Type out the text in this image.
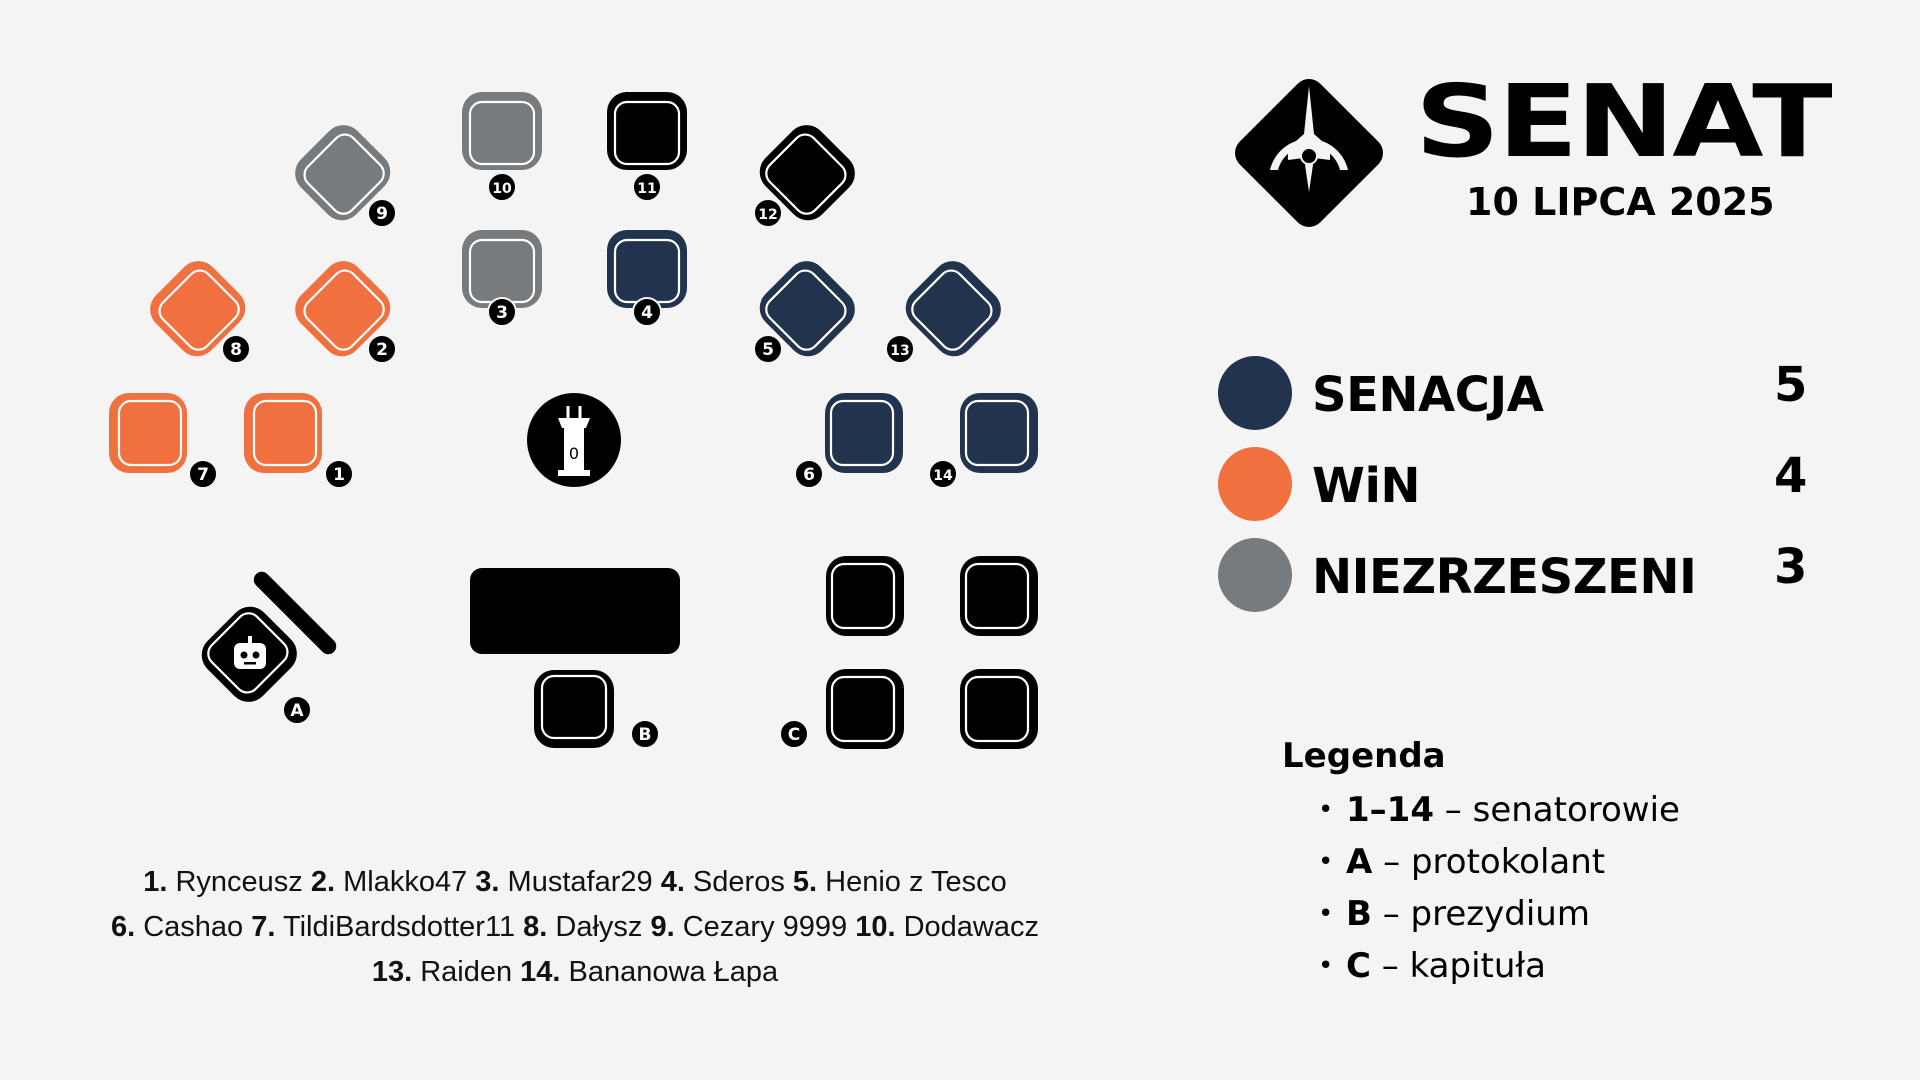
1
2
3	4
5
6
7
8
9
10	11
12
13
14
0
A
B	C
SENAT
10 LIPCA 2025
SENACJA	5
WiN	4
NIEZRZESZENI 3
Legenda
• 1–14 – senatorowie
• A – protokolant
• B – prezydium
• C – kapituła
1. Rynceusz 2. Mlakko47 3. Mustafar29 4. Sderos 5. Henio z Tesco
6. Cashao 7. TildiBardsdotter11 8. Dałysz 9. Cezary 9999 10. Dodawacz
13. Raiden 14. Bananowa Łapa
